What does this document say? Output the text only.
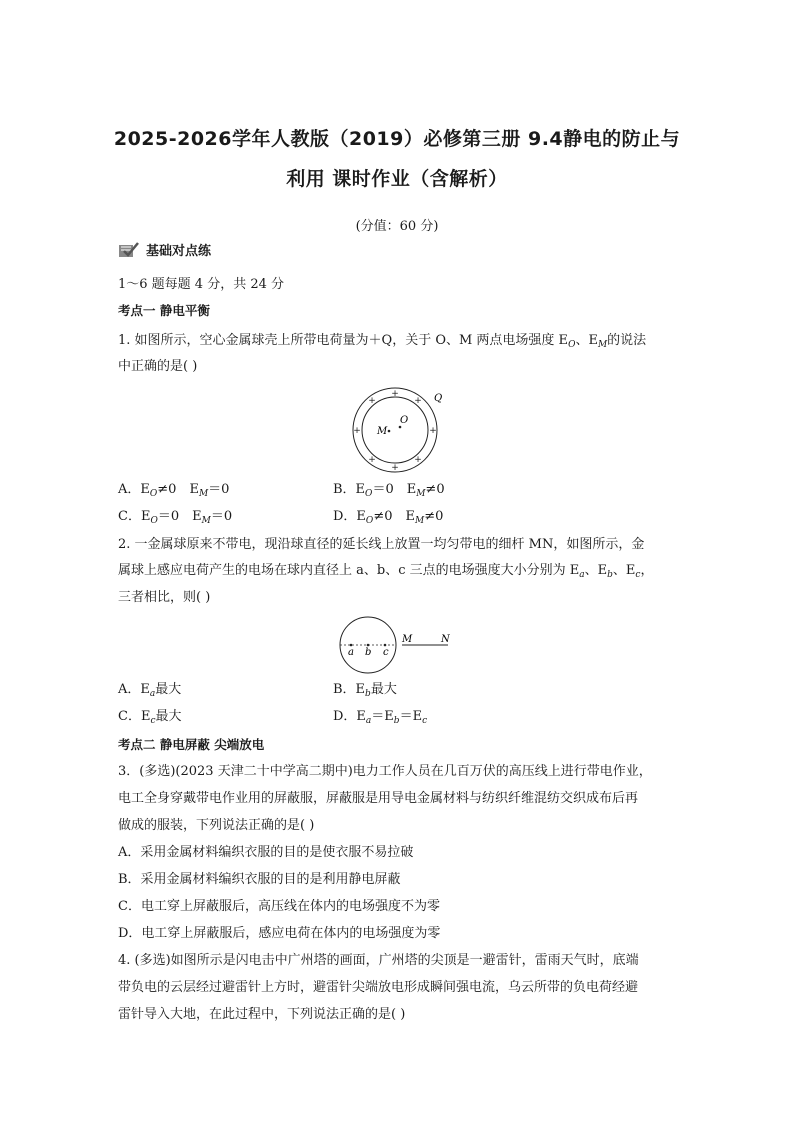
2025-2026学年人教版（2019）必修第三册 9.4静电的防止与
利用 课时作业（含解析）
(分值：60 分)
基础对点练
1～6 题每题 4 分，共 24 分
考点一 静电平衡
1. 如图所示，空心金属球壳上所带电荷量为＋Q，关于 O、M 两点电场强度 $E_O$、$E_M$的说法
中正确的是( )
+
+	+
+	+
+	+
+
Q
O
M
A．$E_O\ne 0$　$E_M=0$	B．$E_O=0$　$E_M\ne 0$
C．$E_O=0$　$E_M=0$	D．$E_O\ne 0$　$E_M\ne 0$
2. 一金属球原来不带电，现沿球直径的延长线上放置一均匀带电的细杆 MN，如图所示，金
属球上感应电荷产生的电场在球内直径上 a、b、c 三点的电场强度大小分别为 $E_a$、$E_b$、$E_c$，
三者相比，则( )
a b c
M	N
A．$E_a$最大	B．$E_b$最大
C．$E_c$最大	D．$E_a=E_b=E_c$
考点二 静电屏蔽 尖端放电
3．(多选)(2023 天津二十中学高二期中)电力工作人员在几百万伏的高压线上进行带电作业，
电工全身穿戴带电作业用的屏蔽服，屏蔽服是用导电金属材料与纺织纤维混纺交织成布后再
做成的服装，下列说法正确的是( )
A．采用金属材料编织衣服的目的是使衣服不易拉破
B．采用金属材料编织衣服的目的是利用静电屏蔽
C．电工穿上屏蔽服后，高压线在体内的电场强度不为零
D．电工穿上屏蔽服后，感应电荷在体内的电场强度为零
4. (多选)如图所示是闪电击中广州塔的画面，广州塔的尖顶是一避雷针，雷雨天气时，底端
带负电的云层经过避雷针上方时，避雷针尖端放电形成瞬间强电流，乌云所带的负电荷经避
雷针导入大地，在此过程中，下列说法正确的是( )
